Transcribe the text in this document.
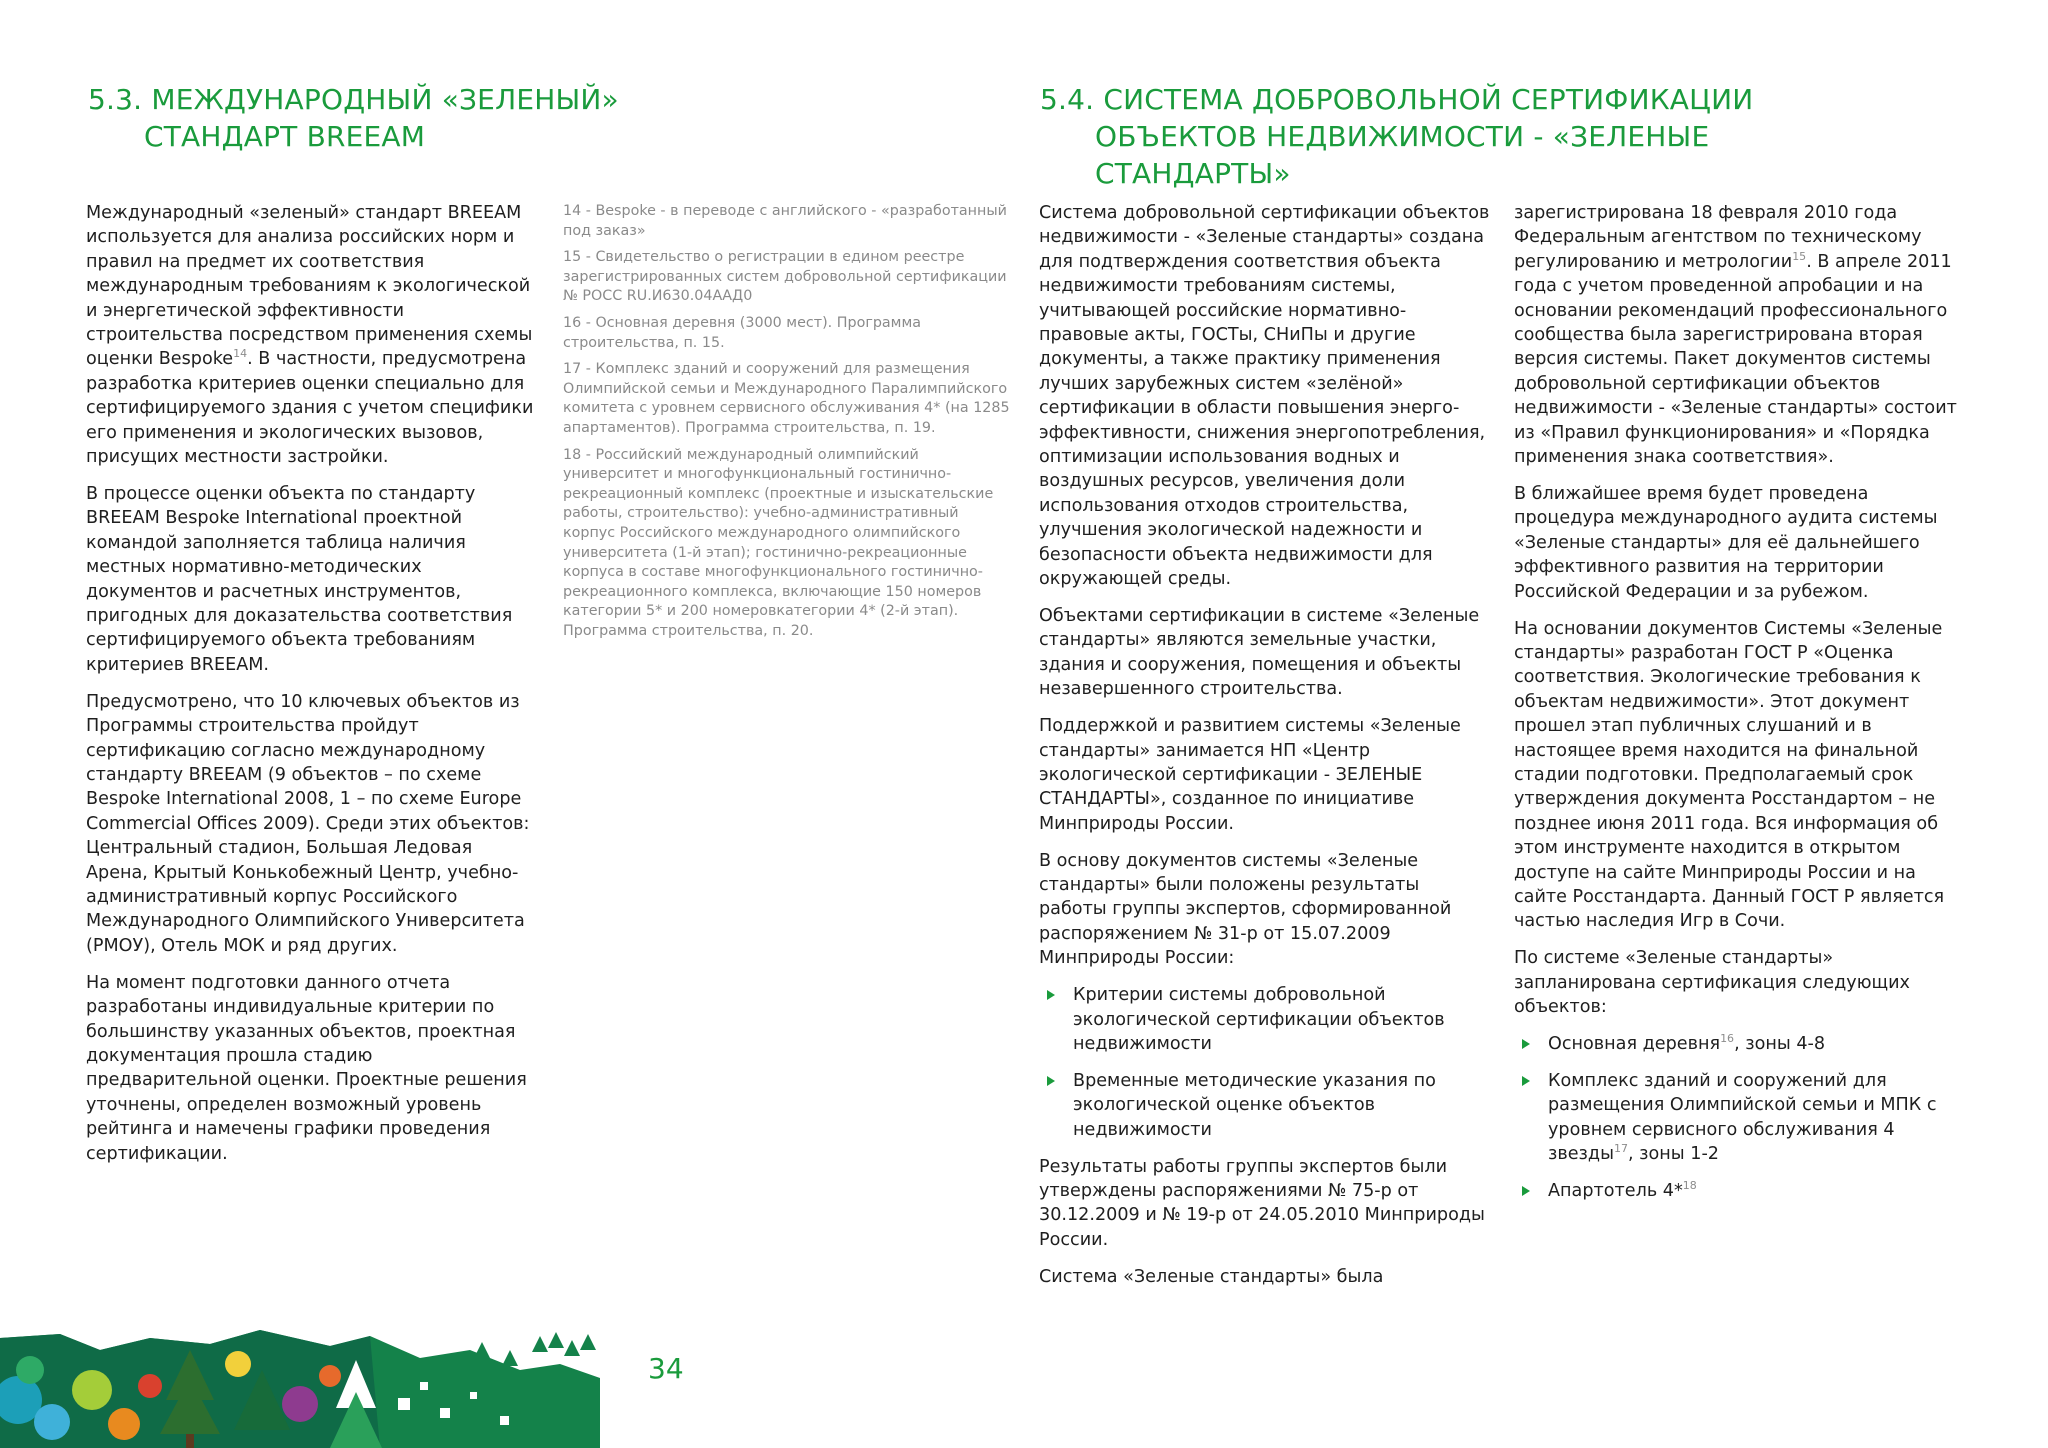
5.3. МЕЖДУНАРОДНЫЙ «ЗЕЛЕНЫЙ»
СТАНДАРТ BREEAM
5.4. СИСТЕМА ДОБРОВОЛЬНОЙ СЕРТИФИКАЦИИ
ОБЪЕКТОВ НЕДВИЖИМОСТИ - «ЗЕЛЕНЫЕ
СТАНДАРТЫ»

Международный «зеленый» стандарт BREEAM используется для анализа российских норм и правил на предмет их соответствия международным требованиям к экологической и энергетической эффективности строительства посредством применения схемы оценки Bespoke$^{14}$. В частности, предусмотрена разработка критериев оценки специально для сертифицируемого здания с учетом специфики его применения и экологических вызовов, присущих местности застройки.

В процессе оценки объекта по стандарту BREEAM Bespoke International проектной командой заполняется таблица наличия местных нормативно-методических документов и расчетных инструментов, пригодных для доказательства соответствия сертифицируемого объекта требованиям критериев BREEAM.

Предусмотрено, что 10 ключевых объектов из Программы строительства пройдут сертификацию согласно международному стандарту BREEAM (9 объектов – по схеме Bespoke International 2008, 1 – по схеме Europe Commercial Offices 2009). Среди этих объектов: Центральный стадион, Большая Ледовая Арена, Крытый Конькобежный Центр, учебно-административный корпус Российского Международного Олимпийского Университета (РМОУ), Отель МОК и ряд других.

На момент подготовки данного отчета разработаны индивидуальные критерии по большинству указанных объектов, проектная документация прошла стадию предварительной оценки. Проектные решения уточнены, определен возможный уровень рейтинга и намечены графики проведения сертификации.

14 - Bespoke - в переводе с английского - «разработанный под заказ»

15 - Свидетельство о регистрации в едином реестре зарегистрированных систем добровольной сертификации № РОСС RU.И630.04ААД0

16 - Основная деревня (3000 мест). Программа строительства, п. 15.

17 - Комплекс зданий и сооружений для размещения Олимпийской семьи и Международного Паралимпийского комитета с уровнем сервисного обслуживания 4* (на 1285 апартаментов). Программа строительства, п. 19.

18 - Российский международный олимпийский университет и многофункциональный гостинично-рекреационный комплекс (проектные и изыскательские работы, строительство): учебно-административный корпус Российского международного олимпийского университета (1-й этап); гостинично-рекреационные корпуса в составе многофункционального гостинично-рекреационного комплекса, включающие 150 номеров категории 5* и 200 номеровкатегории 4* (2-й этап). Программа строительства, п. 20.

Система добровольной сертификации объектов недвижимости - «Зеленые стандарты» создана для подтверждения соответствия объекта недвижимости требованиям системы, учитывающей российские нормативно-правовые акты, ГОСТы, СНиПы и другие документы, а также практику применения лучших зарубежных систем «зелёной» сертификации в области повышения энерго-эффективности, снижения энергопотребления, оптимизации использования водных и воздушных ресурсов, увеличения доли использования отходов строительства, улучшения экологической надежности и безопасности объекта недвижимости для окружающей среды.

Объектами сертификации в системе «Зеленые стандарты» являются земельные участки, здания и сооружения, помещения и объекты незавершенного строительства.

Поддержкой и развитием системы «Зеленые стандарты» занимается НП «Центр экологической сертификации - ЗЕЛЕНЫЕ СТАНДАРТЫ», созданное по инициативе Минприроды России.

В основу документов системы «Зеленые стандарты» были положены результаты работы группы экспертов, сформированной распоряжением № 31-р от 15.07.2009 Минприроды России:

Критерии системы добровольной экологической сертификации объектов недвижимости
Временные методические указания по экологической оценке объектов недвижимости

Результаты работы группы экспертов были утверждены распоряжениями № 75-р от 30.12.2009 и № 19-р от 24.05.2010 Минприроды России.

Система «Зеленые стандарты» была

зарегистрирована 18 февраля 2010 года Федеральным агентством по техническому регулированию и метрологии$^{15}$. В апреле 2011 года с учетом проведенной апробации и на основании рекомендаций профессионального сообщества была зарегистрирована вторая версия системы. Пакет документов системы добровольной сертификации объектов недвижимости - «Зеленые стандарты» состоит из «Правил функционирования» и «Порядка применения знака соответствия».

В ближайшее время будет проведена процедура международного аудита системы «Зеленые стандарты» для её дальнейшего эффективного развития на территории Российской Федерации и за рубежом.

На основании документов Системы «Зеленые стандарты» разработан ГОСТ Р «Оценка соответствия. Экологические требования к объектам недвижимости». Этот документ прошел этап публичных слушаний и в настоящее время находится на финальной стадии подготовки. Предполагаемый срок утверждения документа Росстандартом – не позднее июня 2011 года. Вся информация об этом инструменте находится в открытом доступе на сайте Минприроды России и на сайте Росстандарта. Данный ГОСТ Р является частью наследия Игр в Сочи.

По системе «Зеленые стандарты» запланирована сертификация следующих объектов:

Основная деревня$^{16}$, зоны 4-8
Комплекс зданий и сооружений для размещения Олимпийской семьи и МПК с уровнем сервисного обслуживания 4 звезды$^{17}$, зоны 1-2
Апартотель 4*$^{18}$
34
